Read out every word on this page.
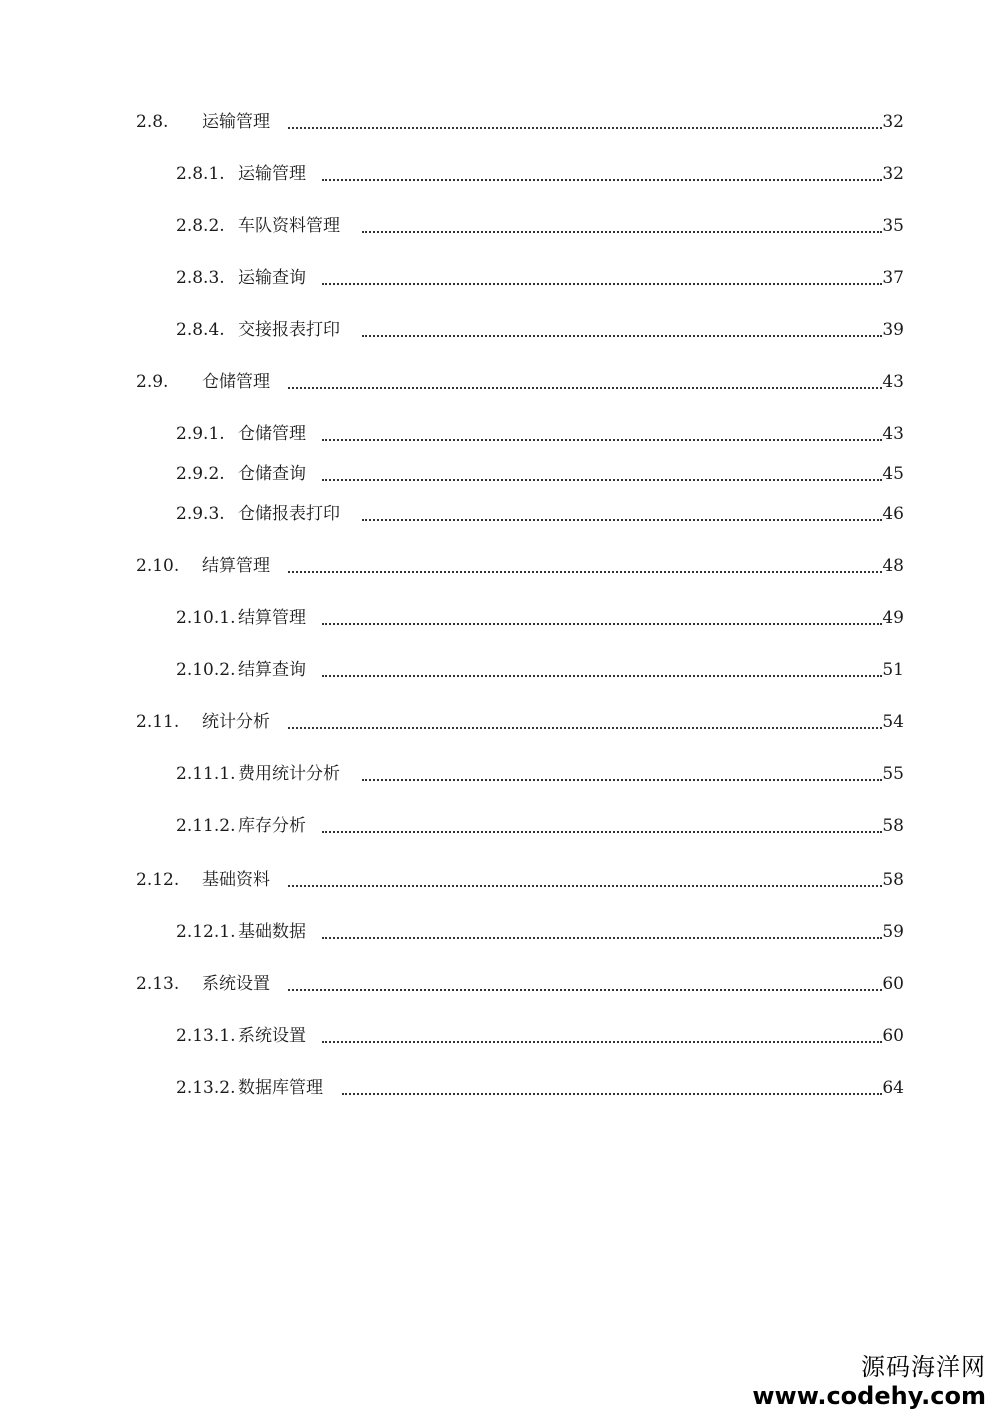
2.8. 运输管理	32
2.8.1. 运输管理	32
2.8.2. 车队资料管理	35
2.8.3. 运输查询	37
2.8.4. 交接报表打印	39
2.9. 仓储管理	43
2.9.1. 仓储管理	43
2.9.2. 仓储查询	45
2.9.3. 仓储报表打印	46
2.10. 结算管理	48
2.10.1. 结算管理	49
2.10.2. 结算查询	51
2.11. 统计分析	54
2.11.1. 费用统计分析	55
2.11.2. 库存分析	58
2.12. 基础资料	58
2.12.1. 基础数据	59
2.13. 系统设置	60
2.13.1. 系统设置	60
2.13.2. 数据库管理	64
源码海洋网
www.codehy.com
